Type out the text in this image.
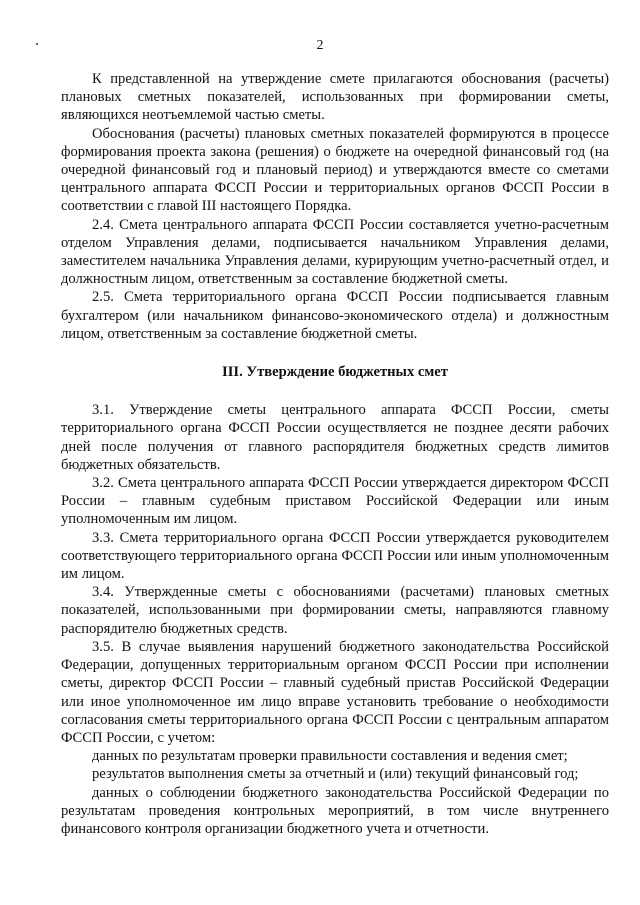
2

К представленной на утверждение смете прилагаются обоснования (расчеты) плановых сметных показателей, использованных при формировании сметы, являющихся неотъемлемой частью сметы.

Обоснования (расчеты) плановых сметных показателей формируются в процессе формирования проекта закона (решения) о бюджете на очередной финансовый год (на очередной финансовый год и плановый период) и утверждаются вместе со сметами центрального аппарата ФССП России и территориальных органов ФССП России в соответствии с главой III настоящего Порядка.

2.4. Смета центрального аппарата ФССП России составляется учетно-расчетным отделом Управления делами, подписывается начальником Управления делами, заместителем начальника Управления делами, курирующим учетно-расчетный отдел, и должностным лицом, ответственным за составление бюджетной сметы.

2.5. Смета территориального органа ФССП России подписывается главным бухгалтером (или начальником финансово-экономического отдела) и должностным лицом, ответственным за составление бюджетной сметы.

III. Утверждение бюджетных смет

3.1. Утверждение сметы центрального аппарата ФССП России, сметы территориального органа ФССП России осуществляется не позднее десяти рабочих дней после получения от главного распорядителя бюджетных средств лимитов бюджетных обязательств.

3.2. Смета центрального аппарата ФССП России утверждается директором ФССП России – главным судебным приставом Российской Федерации или иным уполномоченным им лицом.

3.3. Смета территориального органа ФССП России утверждается руководителем соответствующего территориального органа ФССП России или иным уполномоченным им лицом.

3.4. Утвержденные сметы с обоснованиями (расчетами) плановых сметных показателей, использованными при формировании сметы, направляются главному распорядителю бюджетных средств.

3.5. В случае выявления нарушений бюджетного законодательства Российской Федерации, допущенных территориальным органом ФССП России при исполнении сметы, директор ФССП России – главный судебный пристав Российской Федерации или иное уполномоченное им лицо вправе установить требование о необходимости согласования сметы территориального органа ФССП России с центральным аппаратом ФССП России, с учетом:

данных по результатам проверки правильности составления и ведения смет;

результатов выполнения сметы за отчетный и (или) текущий финансовый год;

данных о соблюдении бюджетного законодательства Российской Федерации по результатам проведения контрольных мероприятий, в том числе внутреннего финансового контроля организации бюджетного учета и отчетности.
